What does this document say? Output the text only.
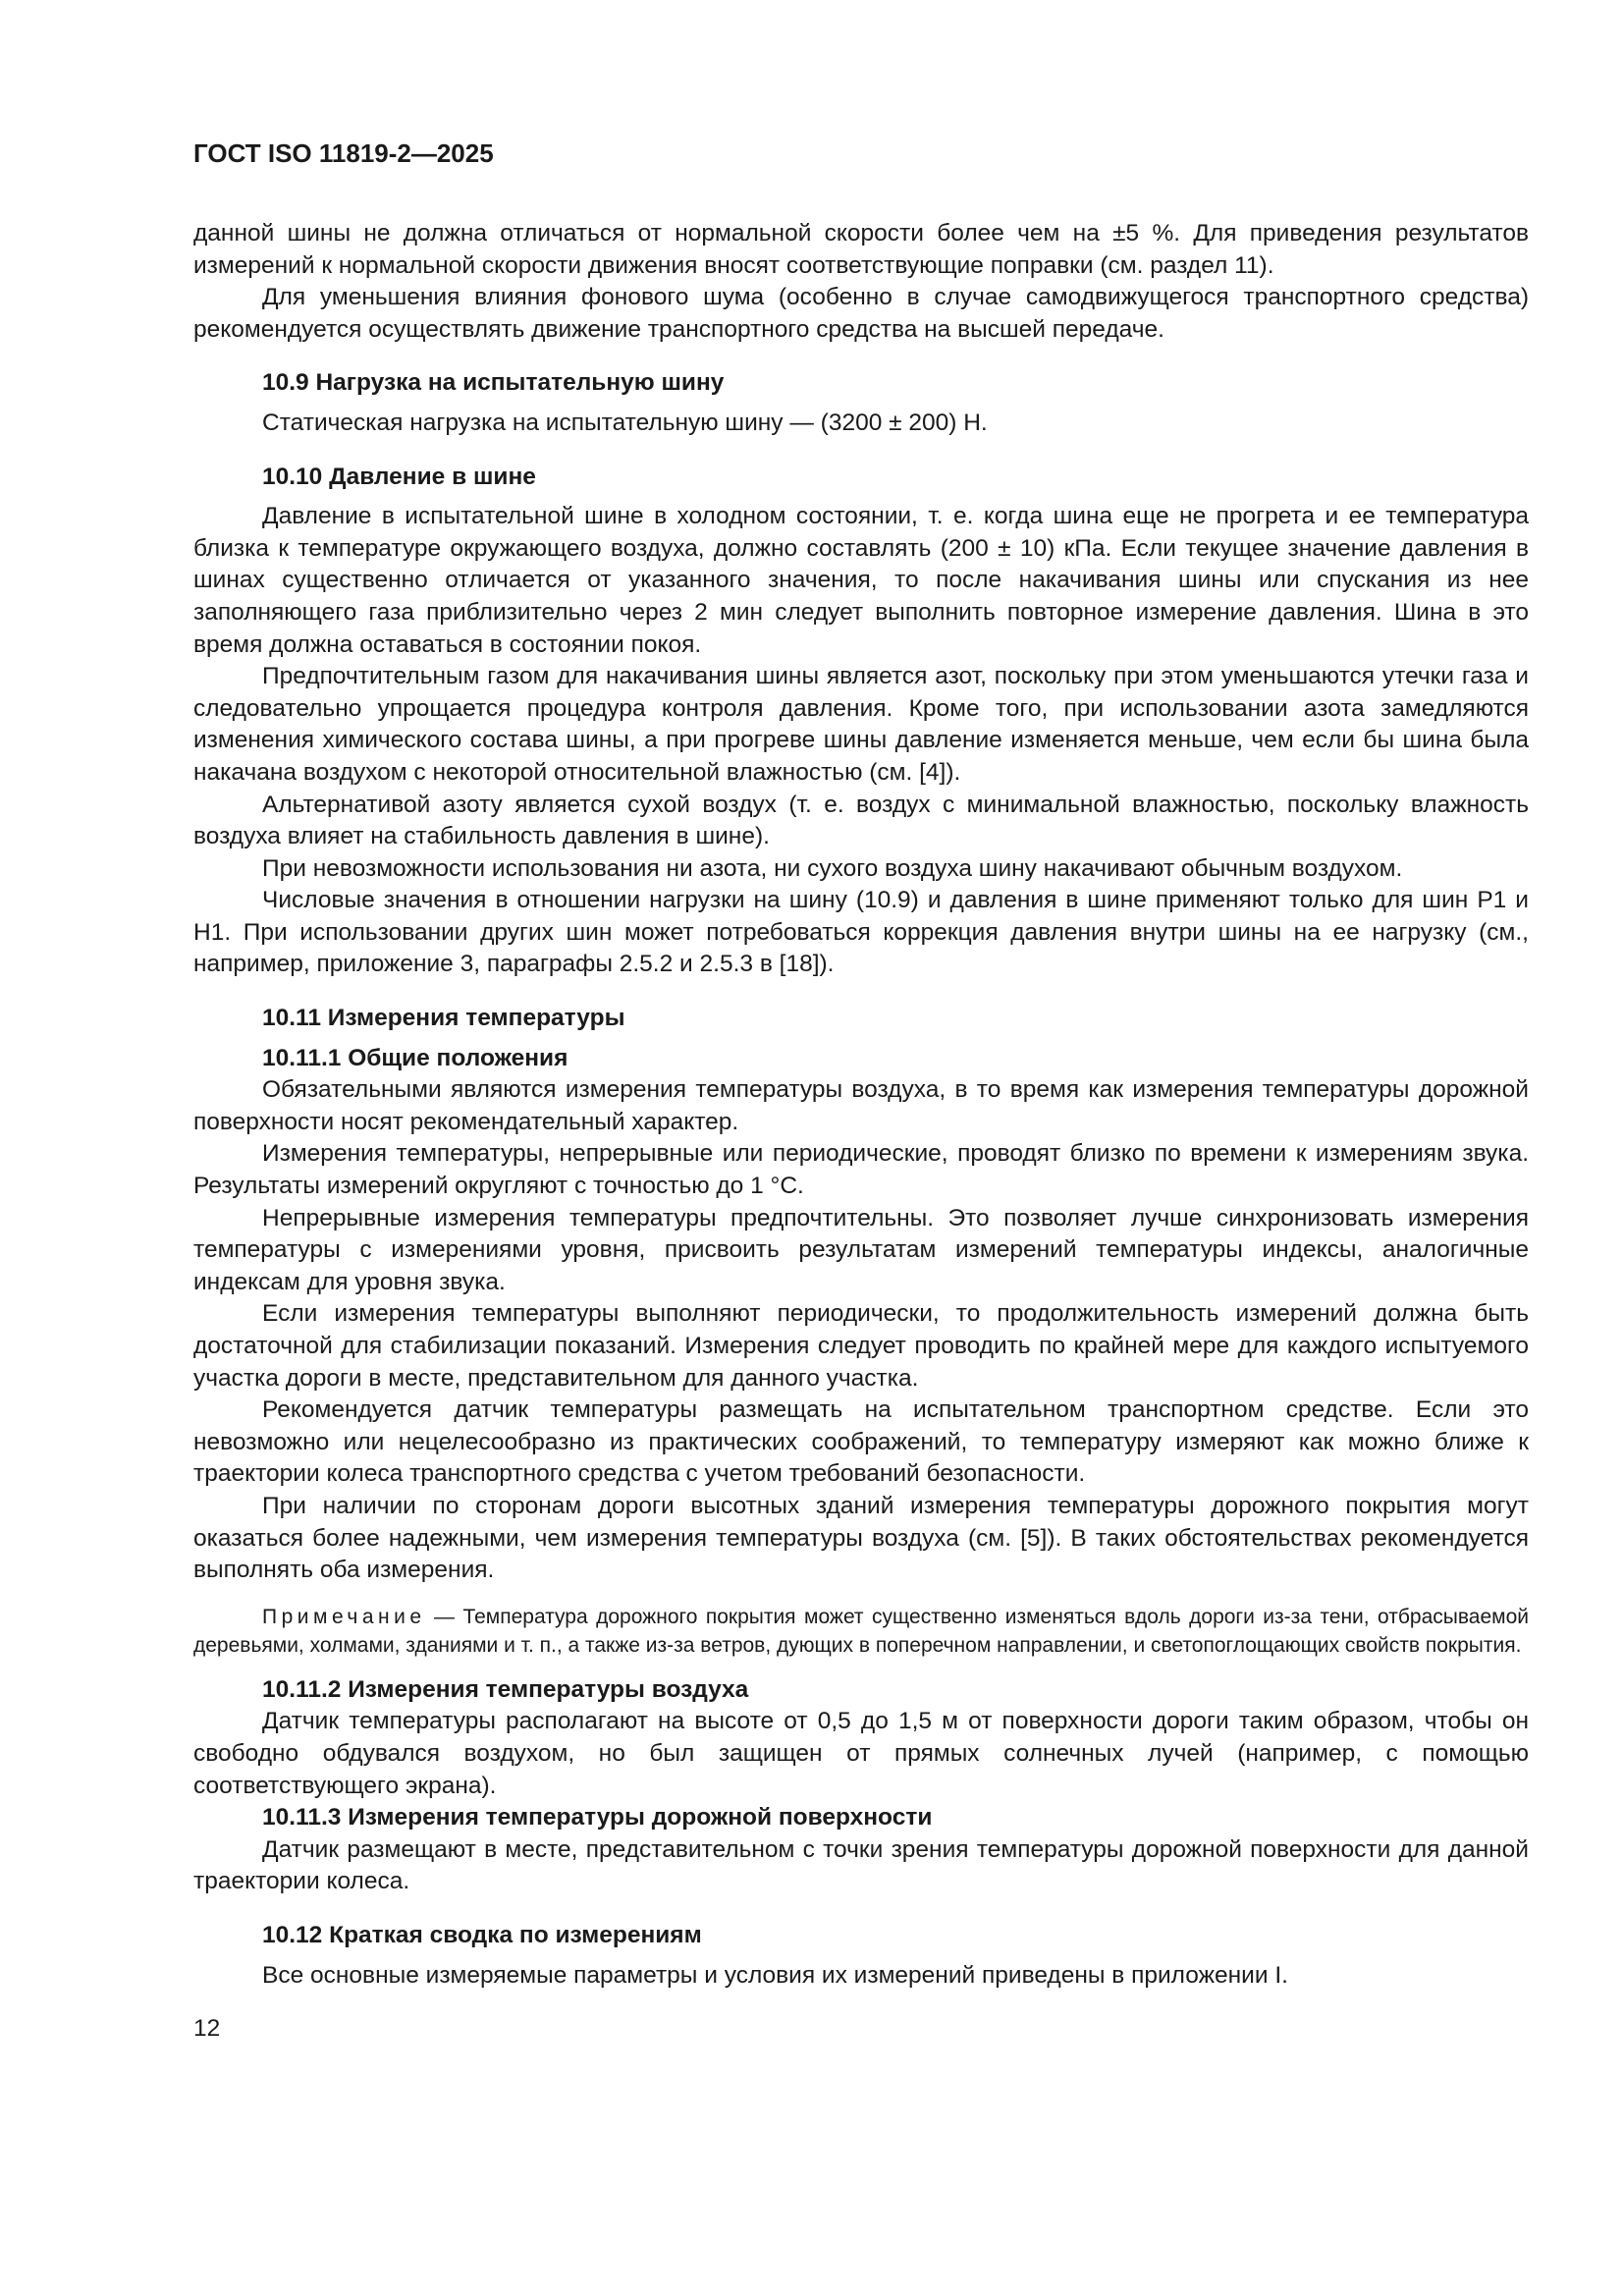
ГОСТ ISO 11819-2—2025

данной шины не должна отличаться от нормальной скорости более чем на ±5 %. Для приведения результатов измерений к нормальной скорости движения вносят соответствующие поправки (см. раздел 11).

Для уменьшения влияния фонового шума (особенно в случае самодвижущегося транспортного средства) рекомендуется осуществлять движение транспортного средства на высшей передаче.

10.9 Нагрузка на испытательную шину

Статическая нагрузка на испытательную шину — (3200 ± 200) Н.

10.10 Давление в шине

Давление в испытательной шине в холодном состоянии, т. е. когда шина еще не прогрета и ее температура близка к температуре окружающего воздуха, должно составлять (200 ± 10) кПа. Если текущее значение давления в шинах существенно отличается от указанного значения, то после накачивания шины или спускания из нее заполняющего газа приблизительно через 2 мин следует выполнить повторное измерение давления. Шина в это время должна оставаться в состоянии покоя.

Предпочтительным газом для накачивания шины является азот, поскольку при этом уменьшаются утечки газа и следовательно упрощается процедура контроля давления. Кроме того, при использовании азота замедляются изменения химического состава шины, а при прогреве шины давление изменяется меньше, чем если бы шина была накачана воздухом с некоторой относительной влажностью (см. [4]).

Альтернативой азоту является сухой воздух (т. е. воздух с минимальной влажностью, поскольку влажность воздуха влияет на стабильность давления в шине).

При невозможности использования ни азота, ни сухого воздуха шину накачивают обычным воздухом.

Числовые значения в отношении нагрузки на шину (10.9) и давления в шине применяют только для шин P1 и H1. При использовании других шин может потребоваться коррекция давления внутри шины на ее нагрузку (см., например, приложение 3, параграфы 2.5.2 и 2.5.3 в [18]).

10.11 Измерения температуры
10.11.1 Общие положения

Обязательными являются измерения температуры воздуха, в то время как измерения температуры дорожной поверхности носят рекомендательный характер.

Измерения температуры, непрерывные или периодические, проводят близко по времени к измерениям звука. Результаты измерений округляют с точностью до 1 °С.

Непрерывные измерения температуры предпочтительны. Это позволяет лучше синхронизовать измерения температуры с измерениями уровня, присвоить результатам измерений температуры индексы, аналогичные индексам для уровня звука.

Если измерения температуры выполняют периодически, то продолжительность измерений должна быть достаточной для стабилизации показаний. Измерения следует проводить по крайней мере для каждого испытуемого участка дороги в месте, представительном для данного участка.

Рекомендуется датчик температуры размещать на испытательном транспортном средстве. Если это невозможно или нецелесообразно из практических соображений, то температуру измеряют как можно ближе к траектории колеса транспортного средства с учетом требований безопасности.

При наличии по сторонам дороги высотных зданий измерения температуры дорожного покрытия могут оказаться более надежными, чем измерения температуры воздуха (см. [5]). В таких обстоятельствах рекомендуется выполнять оба измерения.

Примечание — Температура дорожного покрытия может существенно изменяться вдоль дороги из-за тени, отбрасываемой деревьями, холмами, зданиями и т. п., а также из-за ветров, дующих в поперечном направлении, и светопоглощающих свойств покрытия.
10.11.2 Измерения температуры воздуха

Датчик температуры располагают на высоте от 0,5 до 1,5 м от поверхности дороги таким образом, чтобы он свободно обдувался воздухом, но был защищен от прямых солнечных лучей (например, с помощью соответствующего экрана).

10.11.3 Измерения температуры дорожной поверхности

Датчик размещают в месте, представительном с точки зрения температуры дорожной поверхности для данной траектории колеса.

10.12 Краткая сводка по измерениям

Все основные измеряемые параметры и условия их измерений приведены в приложении I.

12
